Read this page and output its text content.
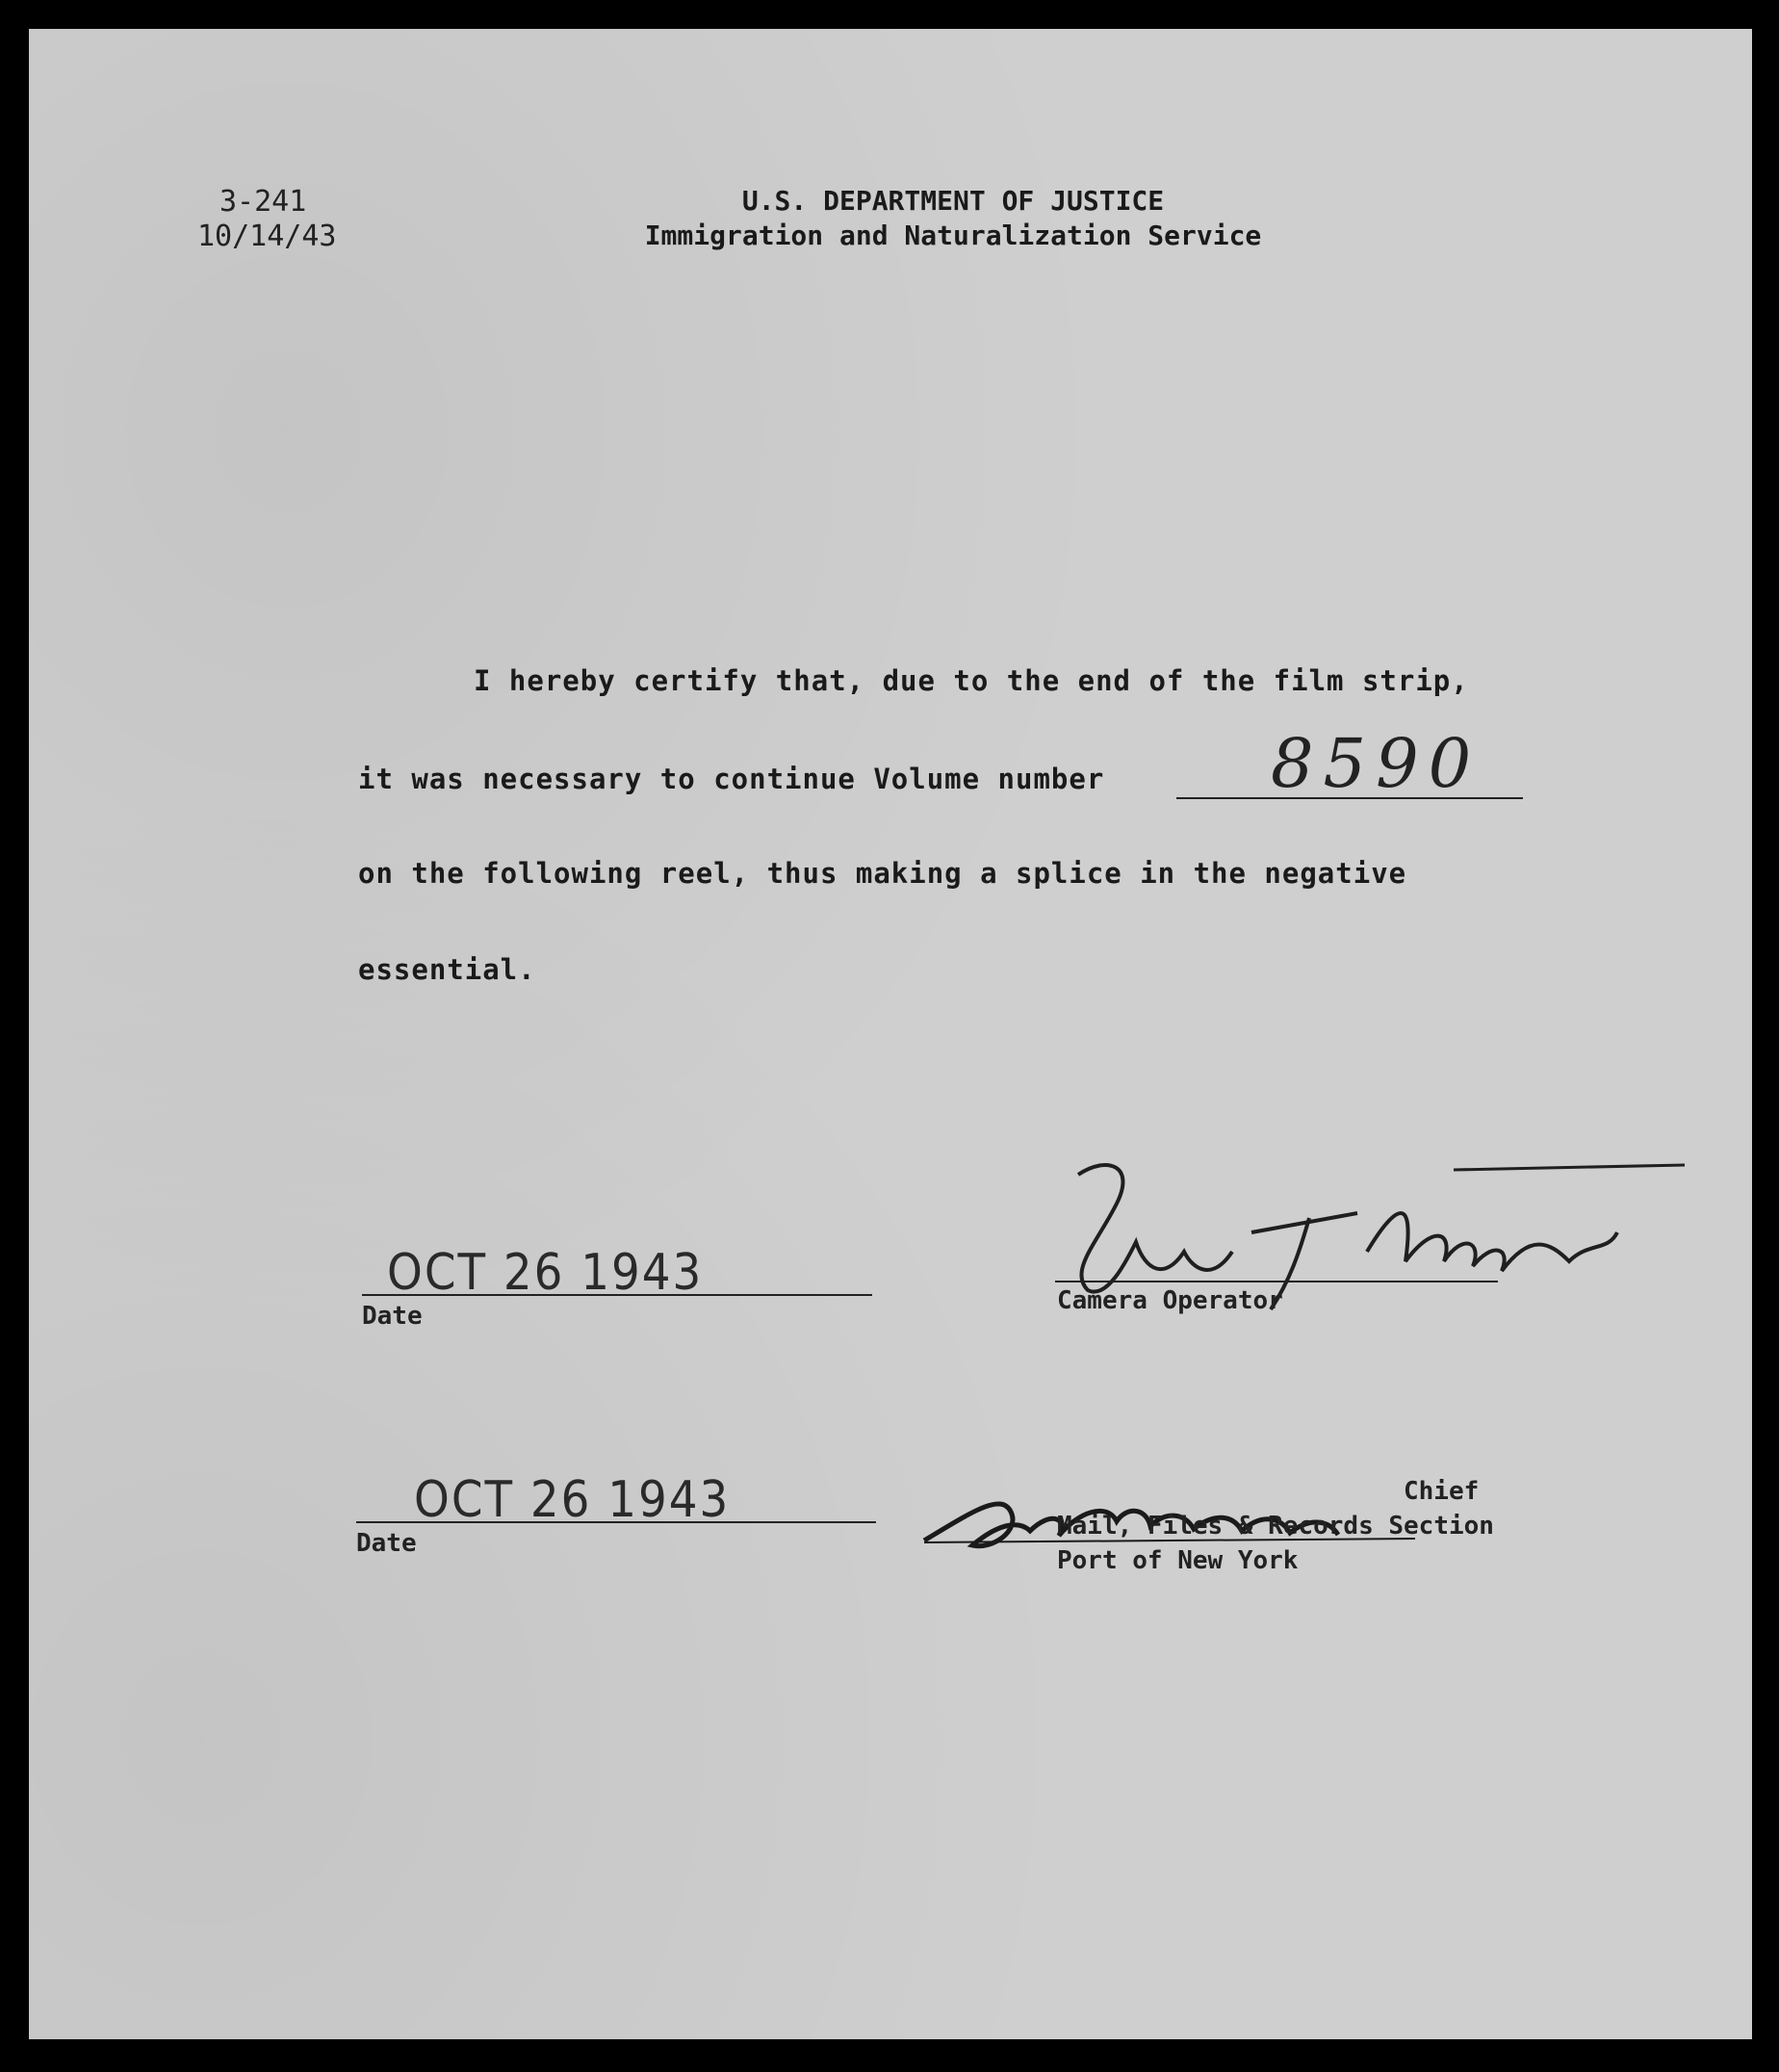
3-241
10/14/43
U.S. DEPARTMENT OF JUSTICE
Immigration and Naturalization Service
I hereby certify that, due to the end of the film strip,
it was necessary to continue Volume number 8590
on the following reel, thus making a splice in the negative
essential.
OCT 26 1943
Date
Camera Operator
OCT 26 1943
Date
Chief
Mail, Files & Records Section
Port of New York
